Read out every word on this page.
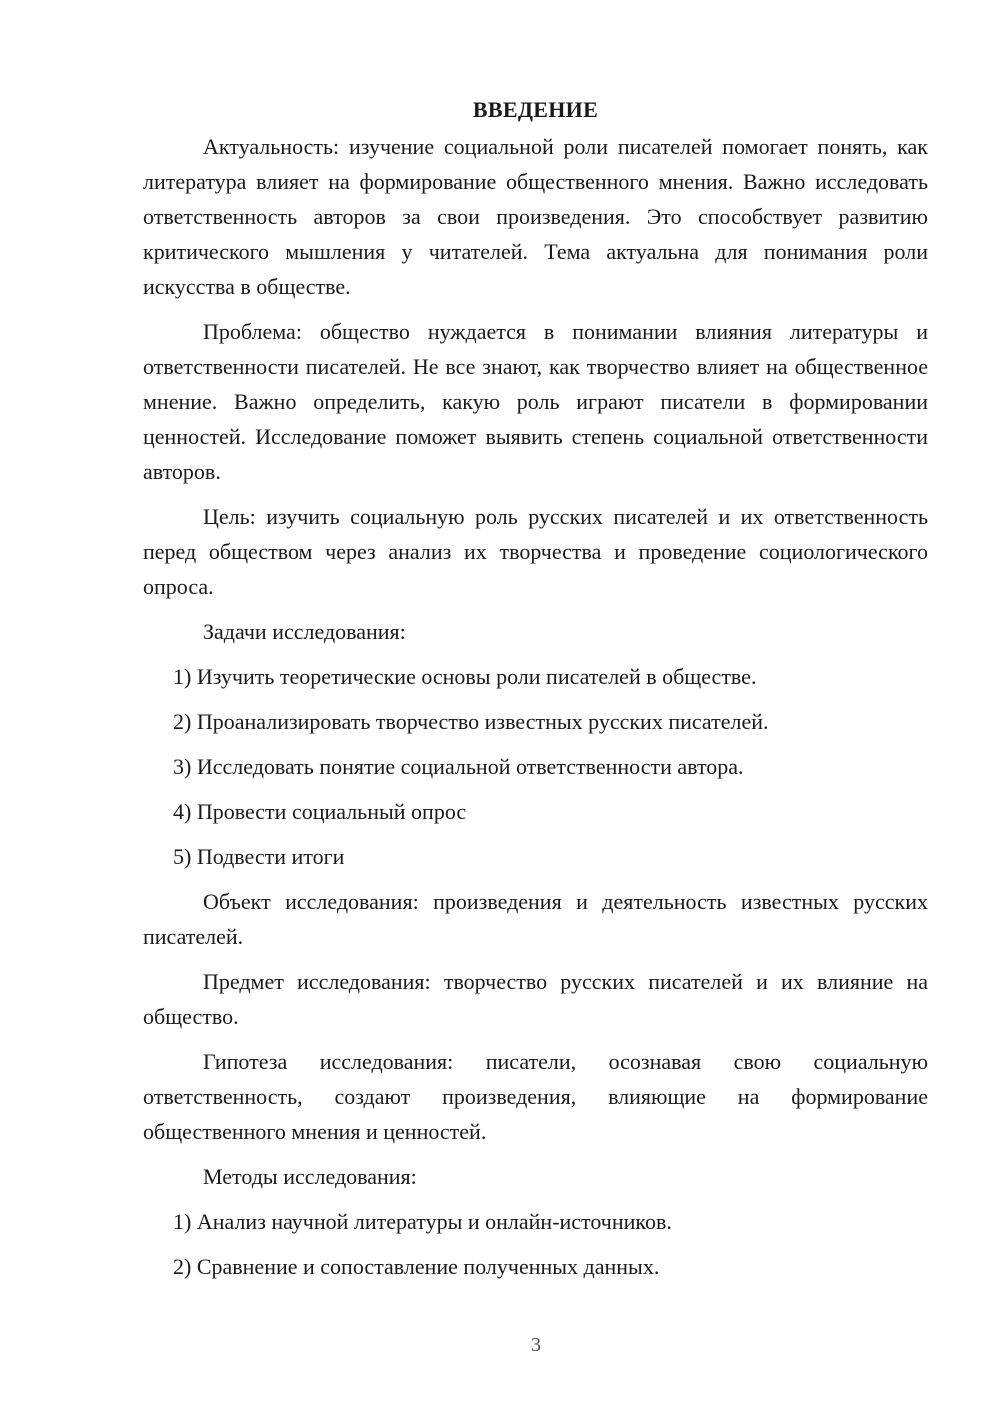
ВВЕДЕНИЕ

Актуальность: изучение социальной роли писателей помогает понять, как литература влияет на формирование общественного мнения. Важно исследовать ответственность авторов за свои произведения. Это способствует развитию критического мышления у читателей. Тема актуальна для понимания роли искусства в обществе.

Проблема: общество нуждается в понимании влияния литературы и ответственности писателей. Не все знают, как творчество влияет на общественное мнение. Важно определить, какую роль играют писатели в формировании ценностей. Исследование поможет выявить степень социальной ответственности авторов.

Цель: изучить социальную роль русских писателей и их ответственность перед обществом через анализ их творчества и проведение социологического опроса.

Задачи исследования:

1) Изучить теоретические основы роли писателей в обществе.

2) Проанализировать творчество известных русских писателей.

3) Исследовать понятие социальной ответственности автора.

4) Провести социальный опрос

5) Подвести итоги

Объект исследования: произведения и деятельность известных русских писателей.

Предмет исследования: творчество русских писателей и их влияние на общество.

Гипотеза исследования: писатели, осознавая свою социальную ответственность, создают произведения, влияющие на формирование общественного мнения и ценностей.

Методы исследования:

1) Анализ научной литературы и онлайн-источников.

2) Сравнение и сопоставление полученных данных.

3
